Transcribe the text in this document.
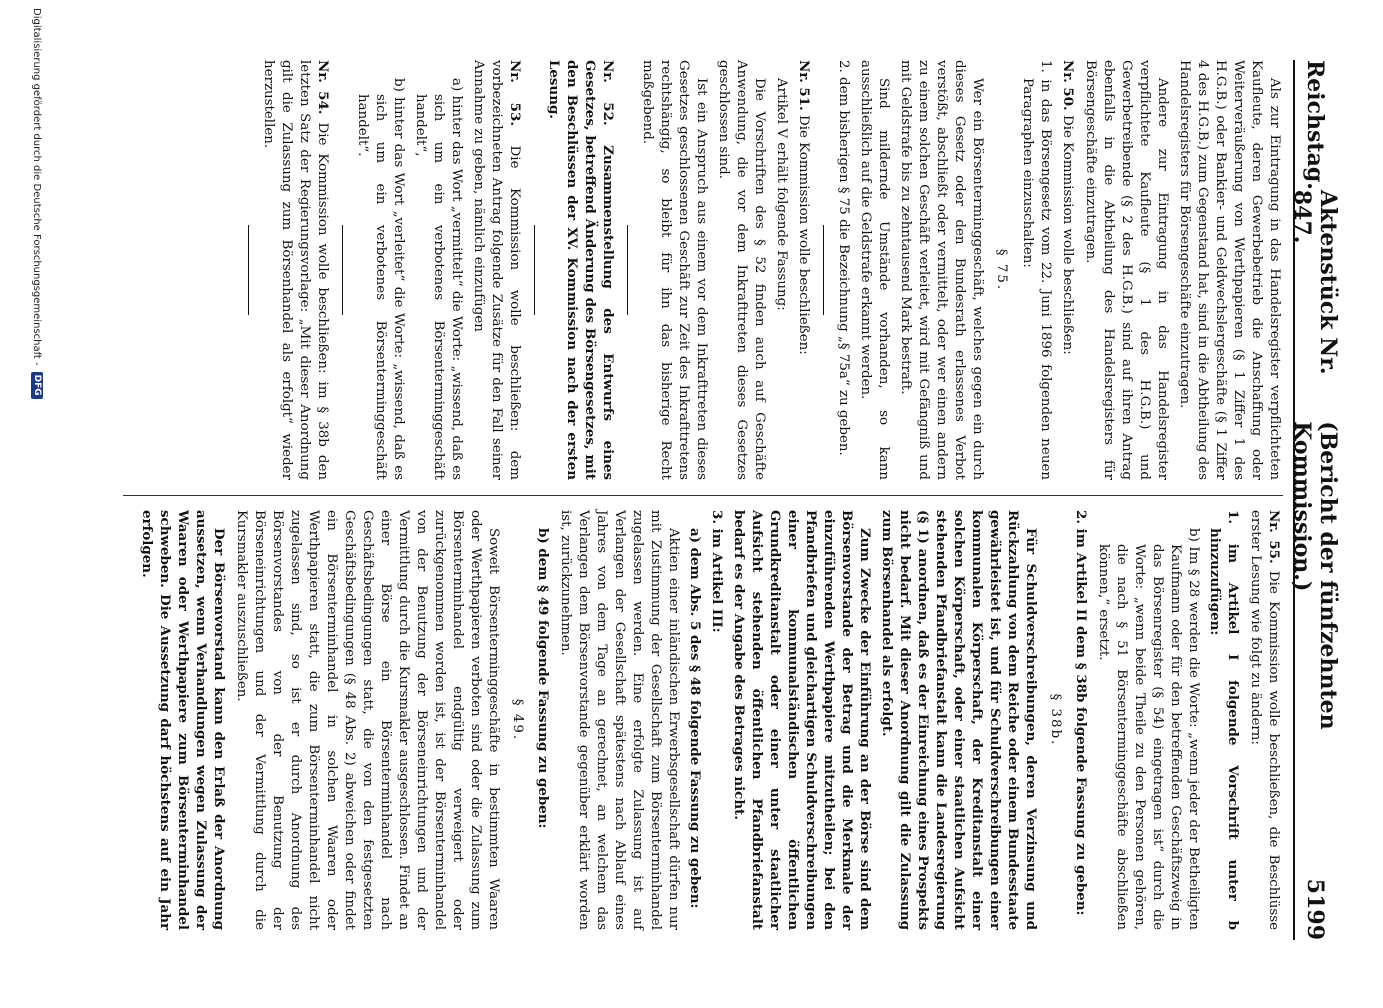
Reichstag.
Aktenstück Nr. 847.
(Bericht der fünfzehnten Kommission.)
5199

Als zur Eintragung in das Handelsregister verpflichteten Kaufleute, deren Gewerbebetrieb die Anschaffung oder Weiterveräußerung von Werthpapieren (§ 1 Ziffer 1 des H.G.B.) oder Bankier- und Geldwechslergeschäfte (§ 1 Ziffer 4 des H.G.B.) zum Gegenstand hat, sind in die Abtheilung des Handelsregisters für Börsengeschäfte einzutragen.

Andere zur Eintragung in das Handelsregister verpflichtete Kaufleute (§ 1 des H.G.B.) und Gewerbetreibende (§ 2 des H.G.B.) sind auf ihren Antrag ebenfalls in die Abtheilung des Handelsregisters für Börsengeschäfte einzutragen.

Nr. 50. Die Kommission wolle beschließen:

1. in das Börsengesetz vom 22. Juni 1896 folgenden neuen Paragraphen einzuschalten:

§ 75.

Wer ein Börsenterminggeschäft, welches gegen ein durch dieses Gesetz oder den Bundesrath erlassenes Verbot verstößt, abschließt oder vermittelt, oder wer einen andern zu einem solchen Geschäft verleitet, wird mit Gefängniß und mit Geldstrafe bis zu zehntausend Mark bestraft.

Sind mildernde Umstände vorhanden, so kann ausschließlich auf die Geldstrafe erkannt werden.

2. dem bisherigen § 75 die Bezeichnung „§ 75a“ zu geben.

Nr. 51. Die Kommission wolle beschließen:

Artikel V erhält folgende Fassung:

Die Vorschriften des § 52 finden auch auf Geschäfte Anwendung, die vor dem Inkrafttreten dieses Gesetzes geschlossen sind.

Ist ein Anspruch aus einem vor dem Inkrafttreten dieses Gesetzes geschlossenen Geschäft zur Zeit des Inkrafttretens rechtshängig, so bleibt für ihn das bisherige Recht maßgebend.

Nr. 52. Zusammenstellung des Entwurfs eines Gesetzes, betreffend Änderung des Börsengesetzes, mit den Beschlüssen der XV. Kommission nach der ersten Lesung.

Nr. 53. Die Kommission wolle beschließen: dem vorbezeichneten Antrag folgende Zusätze für den Fall seiner Annahme zu geben, nämlich einzufügen

a) hinter das Wort „vermittelt“ die Worte: „wissend, daß es sich um ein verbotenes Börsenterminggeschäft handelt“,

b) hinter das Wort „verleitet“ die Worte: „wissend, daß es sich um ein verbotenes Börsenterminggeschäft handelt“.

Nr. 54. Die Kommission wolle beschließen: im § 38b den letzten Satz der Regierungsvorlage: „Mit dieser Anordnung gilt die Zulassung zum Börsenhandel als erfolgt“ wieder herzustellen.

Nr. 55. Die Kommission wolle beschließen, die Beschlüsse erster Lesung wie folgt zu ändern:

1. im Artikel I folgende Vorschrift unter b hinzuzufügen:

b) Im § 28 werden die Worte: „wenn jeder der Betheiligten Kaufmann oder für den betreffenden Geschäftszweig in das Börsenregister (§ 54) eingetragen ist“ durch die Worte: „wenn beide Theile zu den Personen gehören, die nach § 51 Börsenterminggeschäfte abschließen können,“ ersetzt.

2. im Artikel II dem § 38b folgende Fassung zu geben:

§ 38b.

Für Schuldverschreibungen, deren Verzinsung und Rückzahlung von dem Reiche oder einem Bundesstaate gewährleistet ist, und für Schuldverschreibungen einer kommunalen Körperschaft, der Kreditanstalt einer solchen Körperschaft, oder einer staatlichen Aufsicht stehenden Pfandbriefanstalt kann die Landesregierung (§ 1) anordnen, daß es der Einreichung eines Prospekts nicht bedarf. Mit dieser Anordnung gilt die Zulassung zum Börsenhandel als erfolgt.

Zum Zwecke der Einführung an der Börse sind dem Börsenvorstande der Betrag und die Merkmale der einzuführenden Werthpapiere mitzutheilen; bei den Pfandbriefen und gleichartigen Schuldverschreibungen einer kommunalständischen öffentlichen Grundkreditanstalt oder einer unter staatlicher Aufsicht stehenden öffentlichen Pfandbriefanstalt bedarf es der Angabe des Betrages nicht.

3. im Artikel III:

a) dem Abs. 5 des § 48 folgende Fassung zu geben:

Aktien einer inländischen Erwerbsgesellschaft dürfen nur mit Zustimmung der Gesellschaft zum Börsenterminhandel zugelassen werden. Eine erfolgte Zulassung ist auf Verlangen der Gesellschaft spätestens nach Ablauf eines Jahres von dem Tage an gerechnet, an welchem das Verlangen dem Börsenvorstande gegenüber erklärt worden ist, zurückzunehmen.

b) dem § 49 folgende Fassung zu geben:

§ 49.

Soweit Börsenterminggeschäfte in bestimmten Waaren oder Werthpapieren verboten sind oder die Zulassung zum Börsenterminhandel endgültig verweigert oder zurückgenommen worden ist, ist der Börsenterminhandel von der Benutzung der Börseneinrichtungen und der Vermittlung durch die Kursmakler ausgeschlossen. Findet an einer Börse ein Börsenterminhandel nach Geschäftsbedingungen statt, die von den festgesetzten Geschäftsbedingungen (§ 48 Abs. 2) abweichen oder findet ein Börsenterminhandel in solchen Waaren oder Werthpapieren statt, die zum Börsenterminhandel nicht zugelassen sind, so ist er durch Anordnung des Börsenvorstandes von der Benutzung der Börseneinrichtungen und der Vermittlung durch die Kursmakler auszuschließen.

Der Börsenvorstand kann den Erlaß der Anordnung aussetzen, wenn Verhandlungen wegen Zulassung der Waaren oder Werthpapiere zum Börsenterminhandel schweben. Die Aussetzung darf höchstens auf ein Jahr erfolgen.

Digitalisierung gefördert durch die Deutsche Forschungsgemeinschaft -
DFG
